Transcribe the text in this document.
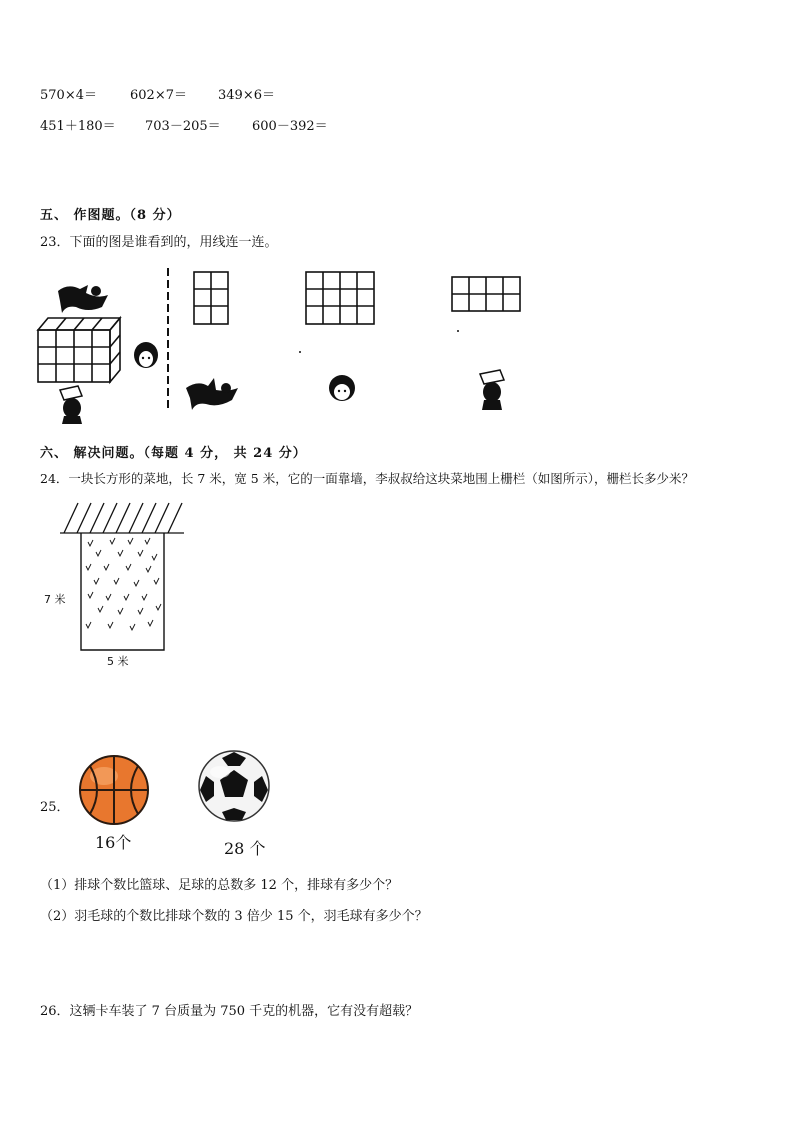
570×4＝	602×7＝ 349×6＝
451＋180＝ 703－205＝ 600－392＝
五、 作图题。（8 分）
23．下面的图是谁看到的，用线连一连。
六、 解决问题。（每题 4 分， 共 24 分）
24．一块长方形的菜地，长 7 米，宽 5 米，它的一面靠墙，李叔叔给这块菜地围上栅栏（如图所示），栅栏长多少米？
7 米
5 米
25．
16个	28 个
（1）排球个数比篮球、足球的总数多 12 个，排球有多少个？
（2）羽毛球的个数比排球个数的 3 倍少 15 个，羽毛球有多少个？
26．这辆卡车装了 7 台质量为 750 千克的机器，它有没有超载？
